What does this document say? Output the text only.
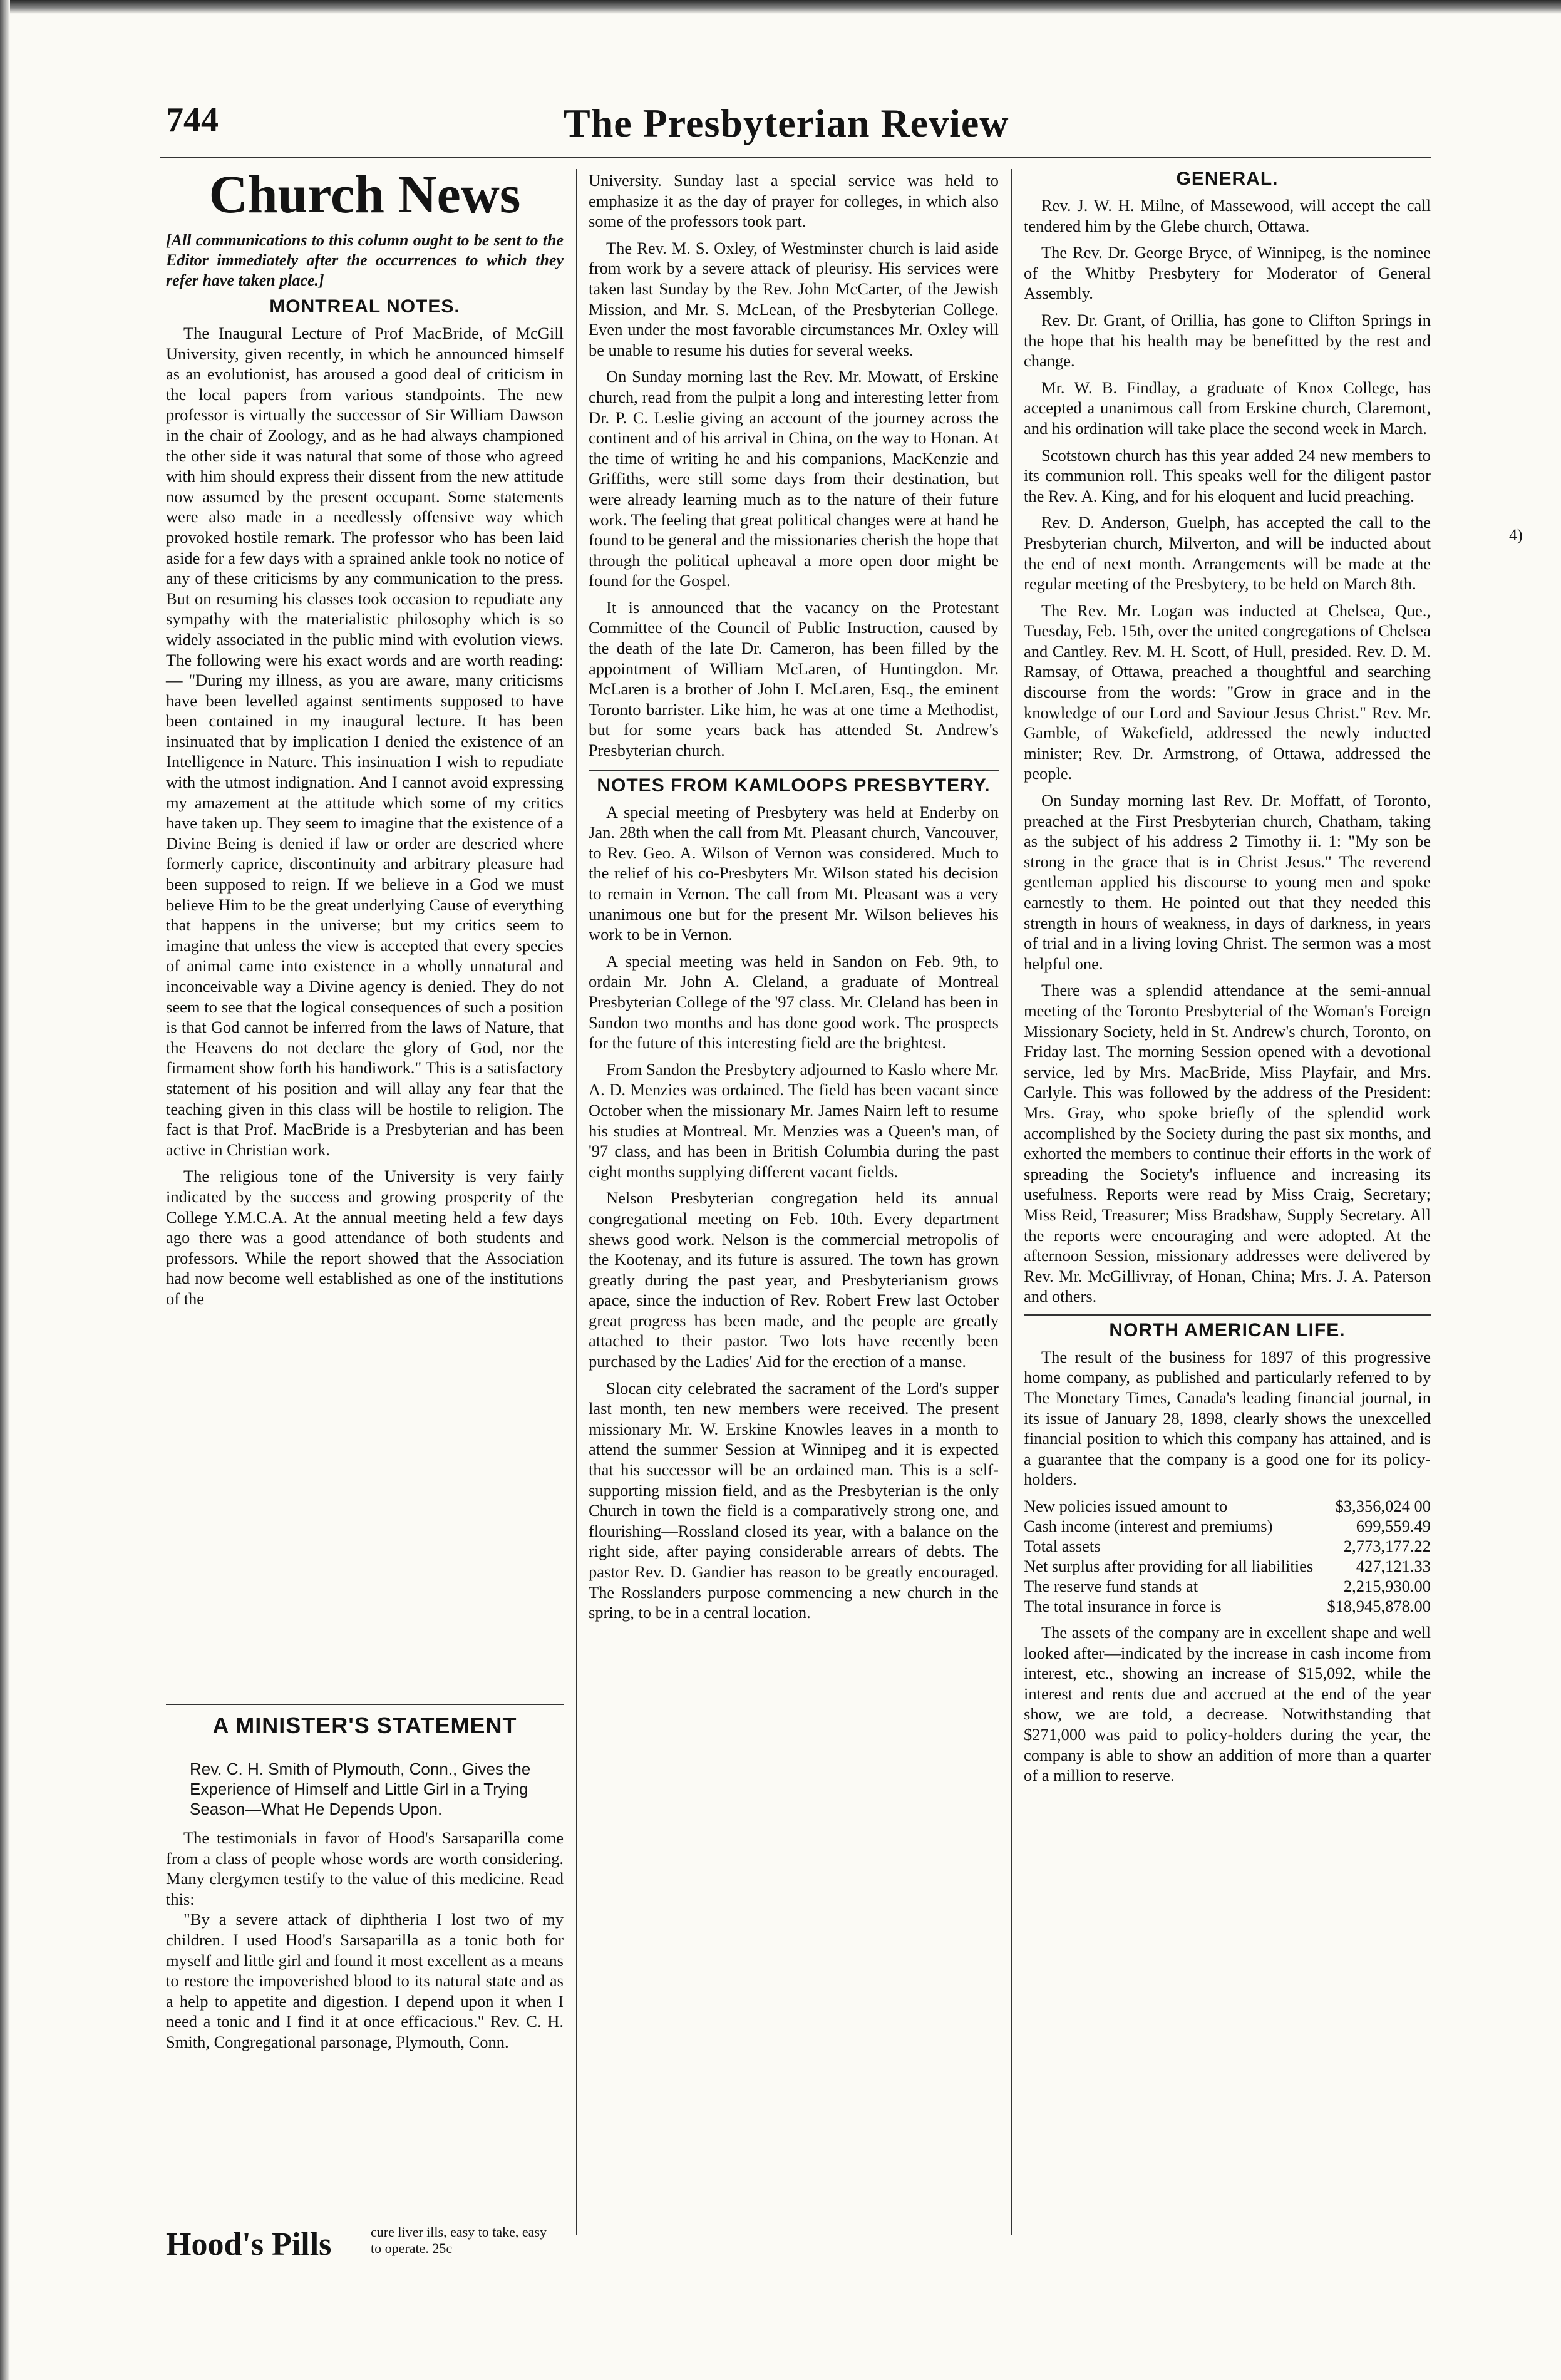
744	The Presbyterian Review
Church News
[All communications to this column ought to be sent to the Editor immediately after the occurrences to which they refer have taken place.]
MONTREAL NOTES.

The Inaugural Lecture of Prof MacBride, of McGill University, given recently, in which he announced himself as an evolutionist, has aroused a good deal of criticism in the local papers from various standpoints. The new professor is virtually the successor of Sir William Dawson in the chair of Zoology, and as he had always championed the other side it was natural that some of those who agreed with him should express their dissent from the new attitude now assumed by the present occupant. Some statements were also made in a needlessly offensive way which provoked hostile remark. The professor who has been laid aside for a few days with a sprained ankle took no notice of any of these criticisms by any communication to the press. But on resuming his classes took occasion to repudiate any sympathy with the materialistic philosophy which is so widely associated in the public mind with evolution views. The following were his exact words and are worth reading:— "During my illness, as you are aware, many criticisms have been levelled against sentiments supposed to have been contained in my inaugural lecture. It has been insinuated that by implication I denied the existence of an Intelligence in Nature. This insinuation I wish to repudiate with the utmost indignation. And I cannot avoid expressing my amazement at the attitude which some of my critics have taken up. They seem to imagine that the existence of a Divine Being is denied if law or order are descried where formerly caprice, discontinuity and arbitrary pleasure had been supposed to reign. If we believe in a God we must believe Him to be the great underlying Cause of everything that happens in the universe; but my critics seem to imagine that unless the view is accepted that every species of animal came into existence in a wholly unnatural and inconceivable way a Divine agency is denied. They do not seem to see that the logical consequences of such a position is that God cannot be inferred from the laws of Nature, that the Heavens do not declare the glory of God, nor the firmament show forth his handiwork." This is a satisfactory statement of his position and will allay any fear that the teaching given in this class will be hostile to religion. The fact is that Prof. MacBride is a Presbyterian and has been active in Christian work.

The religious tone of the University is very fairly indicated by the success and growing prosperity of the College Y.M.C.A. At the annual meeting held a few days ago there was a good attendance of both students and professors. While the report showed that the Association had now become well established as one of the institutions of the

A MINISTER'S STATEMENT
Rev. C. H. Smith of Plymouth, Conn., Gives the Experience of Himself and Little Girl in a Trying Season—What He Depends Upon.

The testimonials in favor of Hood's Sarsaparilla come from a class of people whose words are worth considering. Many clergymen testify to the value of this medicine. Read this:

"By a severe attack of diphtheria I lost two of my children. I used Hood's Sarsaparilla as a tonic both for myself and little girl and found it most excellent as a means to restore the impoverished blood to its natural state and as a help to appetite and digestion. I depend upon it when I need a tonic and I find it at once efficacious." Rev. C. H. Smith, Congregational parsonage, Plymouth, Conn.

Hood's Pills	cure liver ills, easy to take, easy to operate. 25c

University. Sunday last a special service was held to emphasize it as the day of prayer for colleges, in which also some of the professors took part.

The Rev. M. S. Oxley, of Westminster church is laid aside from work by a severe attack of pleurisy. His services were taken last Sunday by the Rev. John McCarter, of the Jewish Mission, and Mr. S. McLean, of the Presbyterian College. Even under the most favorable circumstances Mr. Oxley will be unable to resume his duties for several weeks.

On Sunday morning last the Rev. Mr. Mowatt, of Erskine church, read from the pulpit a long and interesting letter from Dr. P. C. Leslie giving an account of the journey across the continent and of his arrival in China, on the way to Honan. At the time of writing he and his companions, MacKenzie and Griffiths, were still some days from their destination, but were already learning much as to the nature of their future work. The feeling that great political changes were at hand he found to be general and the missionaries cherish the hope that through the political upheaval a more open door might be found for the Gospel.

It is announced that the vacancy on the Protestant Committee of the Council of Public Instruction, caused by the death of the late Dr. Cameron, has been filled by the appointment of William McLaren, of Huntingdon. Mr. McLaren is a brother of John I. McLaren, Esq., the eminent Toronto barrister. Like him, he was at one time a Methodist, but for some years back has attended St. Andrew's Presbyterian church.

NOTES FROM KAMLOOPS PRESBYTERY.

A special meeting of Presbytery was held at Enderby on Jan. 28th when the call from Mt. Pleasant church, Vancouver, to Rev. Geo. A. Wilson of Vernon was considered. Much to the relief of his co-Presbyters Mr. Wilson stated his decision to remain in Vernon. The call from Mt. Pleasant was a very unanimous one but for the present Mr. Wilson believes his work to be in Vernon.

A special meeting was held in Sandon on Feb. 9th, to ordain Mr. John A. Cleland, a graduate of Montreal Presbyterian College of the '97 class. Mr. Cleland has been in Sandon two months and has done good work. The prospects for the future of this interesting field are the brightest.

From Sandon the Presbytery adjourned to Kaslo where Mr. A. D. Menzies was ordained. The field has been vacant since October when the missionary Mr. James Nairn left to resume his studies at Montreal. Mr. Menzies was a Queen's man, of '97 class, and has been in British Columbia during the past eight months supplying different vacant fields.

Nelson Presbyterian congregation held its annual congregational meeting on Feb. 10th. Every department shews good work. Nelson is the commercial metropolis of the Kootenay, and its future is assured. The town has grown greatly during the past year, and Presbyterianism grows apace, since the induction of Rev. Robert Frew last October great progress has been made, and the people are greatly attached to their pastor. Two lots have recently been purchased by the Ladies' Aid for the erection of a manse.

Slocan city celebrated the sacrament of the Lord's supper last month, ten new members were received. The present missionary Mr. W. Erskine Knowles leaves in a month to attend the summer Session at Winnipeg and it is expected that his successor will be an ordained man. This is a self-supporting mission field, and as the Presbyterian is the only Church in town the field is a comparatively strong one, and flourishing—Rossland closed its year, with a balance on the right side, after paying considerable arrears of debts. The pastor Rev. D. Gandier has reason to be greatly encouraged. The Rosslanders purpose commencing a new church in the spring, to be in a central location.

GENERAL.

Rev. J. W. H. Milne, of Massewood, will accept the call tendered him by the Glebe church, Ottawa.

The Rev. Dr. George Bryce, of Winnipeg, is the nominee of the Whitby Presbytery for Moderator of General Assembly.

Rev. Dr. Grant, of Orillia, has gone to Clifton Springs in the hope that his health may be benefitted by the rest and change.

Mr. W. B. Findlay, a graduate of Knox College, has accepted a unanimous call from Erskine church, Claremont, and his ordination will take place the second week in March.

Scotstown church has this year added 24 new members to its communion roll. This speaks well for the diligent pastor the Rev. A. King, and for his eloquent and lucid preaching.

Rev. D. Anderson, Guelph, has accepted the call to the Presbyterian church, Milverton, and will be inducted about the end of next month. Arrangements will be made at the regular meeting of the Presbytery, to be held on March 8th.

The Rev. Mr. Logan was inducted at Chelsea, Que., Tuesday, Feb. 15th, over the united congregations of Chelsea and Cantley. Rev. M. H. Scott, of Hull, presided. Rev. D. M. Ramsay, of Ottawa, preached a thoughtful and searching discourse from the words: "Grow in grace and in the knowledge of our Lord and Saviour Jesus Christ." Rev. Mr. Gamble, of Wakefield, addressed the newly inducted minister; Rev. Dr. Armstrong, of Ottawa, addressed the people.

On Sunday morning last Rev. Dr. Moffatt, of Toronto, preached at the First Presbyterian church, Chatham, taking as the subject of his address 2 Timothy ii. 1: "My son be strong in the grace that is in Christ Jesus." The reverend gentleman applied his discourse to young men and spoke earnestly to them. He pointed out that they needed this strength in hours of weakness, in days of darkness, in years of trial and in a living loving Christ. The sermon was a most helpful one.

There was a splendid attendance at the semi-annual meeting of the Toronto Presbyterial of the Woman's Foreign Missionary Society, held in St. Andrew's church, Toronto, on Friday last. The morning Session opened with a devotional service, led by Mrs. MacBride, Miss Playfair, and Mrs. Carlyle. This was followed by the address of the President: Mrs. Gray, who spoke briefly of the splendid work accomplished by the Society during the past six months, and exhorted the members to continue their efforts in the work of spreading the Society's influence and increasing its usefulness. Reports were read by Miss Craig, Secretary; Miss Reid, Treasurer; Miss Bradshaw, Supply Secretary. All the reports were encouraging and were adopted. At the afternoon Session, missionary addresses were delivered by Rev. Mr. McGillivray, of Honan, China; Mrs. J. A. Paterson and others.

NORTH AMERICAN LIFE.

The result of the business for 1897 of this progressive home company, as published and particularly referred to by The Monetary Times, Canada's leading financial journal, in its issue of January 28, 1898, clearly shows the unexcelled financial position to which this company has attained, and is a guarantee that the company is a good one for its policy-holders.

New policies issued amount to	$3,356,024 00
Cash income (interest and premiums)	699,559.49
Total assets	2,773,177.22
Net surplus after providing for all liabilities	427,121.33
The reserve fund stands at	2,215,930.00
The total insurance in force is	$18,945,878.00

The assets of the company are in excellent shape and well looked after—indicated by the increase in cash income from interest, etc., showing an increase of $15,092, while the interest and rents due and accrued at the end of the year show, we are told, a decrease. Notwithstanding that $271,000 was paid to policy-holders during the year, the company is able to show an addition of more than a quarter of a million to reserve.

4)
